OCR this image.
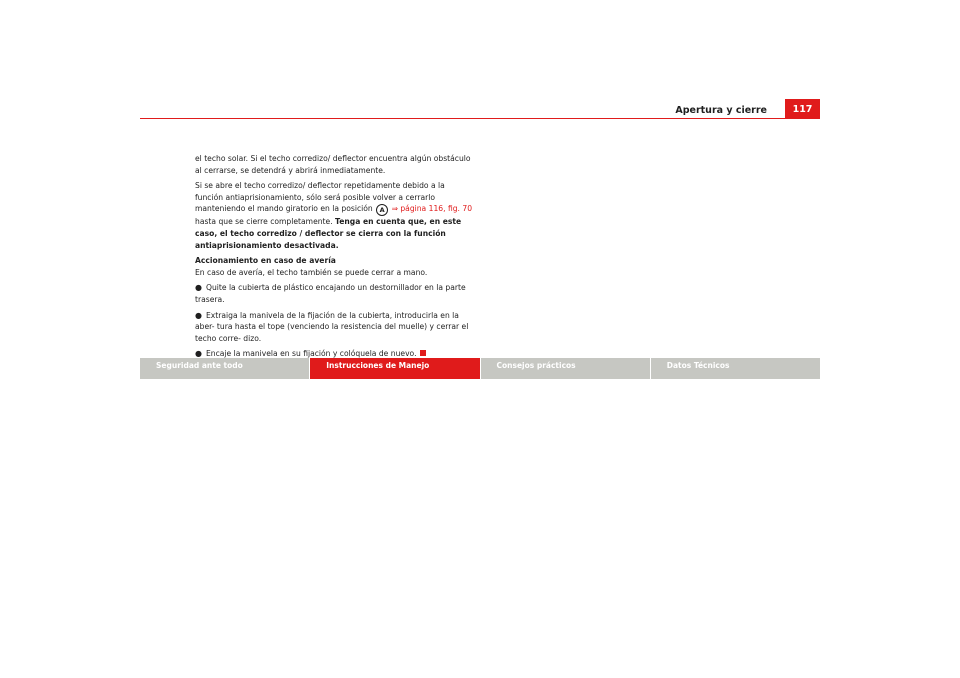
Apertura y cierre	117

el techo solar. Si el techo corredizo/ deflector encuentra algún obstáculo al cerrarse, se detendrá y abrirá inmediatamente.

Si se abre el techo corredizo/ deflector repetidamente debido a la función antiaprisionamiento, sólo será posible volver a cerrarlo manteniendo el mando giratorio en la posición A ⇒ página 116, fig. 70 hasta que se cierre completamente. Tenga en cuenta que, en este caso, el techo corredizo / deflector se cierra con la función antiaprisionamiento desactivada.

Accionamiento en caso de avería

En caso de avería, el techo también se puede cerrar a mano.

● Quite la cubierta de plástico encajando un destornillador en la parte trasera.

● Extraiga la manivela de la fijación de la cubierta, introducirla en la aber- tura hasta el tope (venciendo la resistencia del muelle) y cerrar el techo corre- dizo.

● Encaje la manivela en su fijación y colóquela de nuevo.

Seguridad ante todo	Instrucciones de Manejo	Consejos prácticos	Datos Técnicos
